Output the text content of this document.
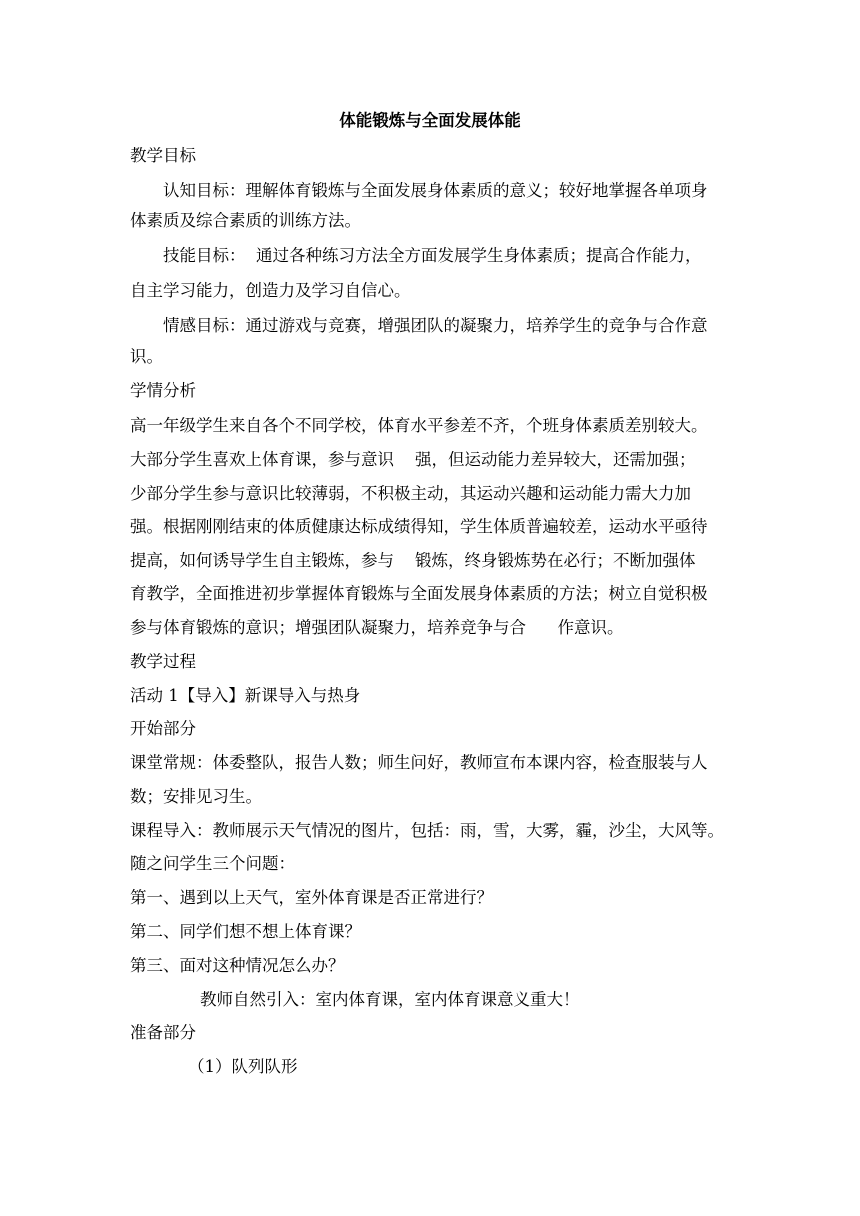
体能锻炼与全面发展体能
教学目标
认知目标：理解体育锻炼与全面发展身体素质的意义；较好地掌握各单项身
体素质及综合素质的训练方法。
技能目标：  通过各种练习方法全方面发展学生身体素质；提高合作能力，
自主学习能力，创造力及学习自信心。
情感目标：通过游戏与竞赛，增强团队的凝聚力，培养学生的竞争与合作意
识。
学情分析
高一年级学生来自各个不同学校，体育水平参差不齐，个班身体素质差别较大。
大部分学生喜欢上体育课，参与意识    强，但运动能力差异较大，还需加强；
少部分学生参与意识比较薄弱，不积极主动，其运动兴趣和运动能力需大力加
强。根据刚刚结束的体质健康达标成绩得知，学生体质普遍较差，运动水平亟待
提高，如何诱导学生自主锻炼，参与    锻炼，终身锻炼势在必行；不断加强体
育教学，全面推进初步掌握体育锻炼与全面发展身体素质的方法；树立自觉积极
参与体育锻炼的意识；增强团队凝聚力，培养竞争与合      作意识。
教学过程
活动 1【导入】新课导入与热身
开始部分
课堂常规：体委整队，报告人数；师生问好，教师宣布本课内容，检查服装与人
数；安排见习生。
课程导入：教师展示天气情况的图片，包括：雨，雪，大雾，霾，沙尘，大风等。
随之问学生三个问题：
第一、遇到以上天气，室外体育课是否正常进行？
第二、同学们想不想上体育课？
第三、面对这种情况怎么办？
教师自然引入：室内体育课，室内体育课意义重大！
准备部分
（1）队列队形
